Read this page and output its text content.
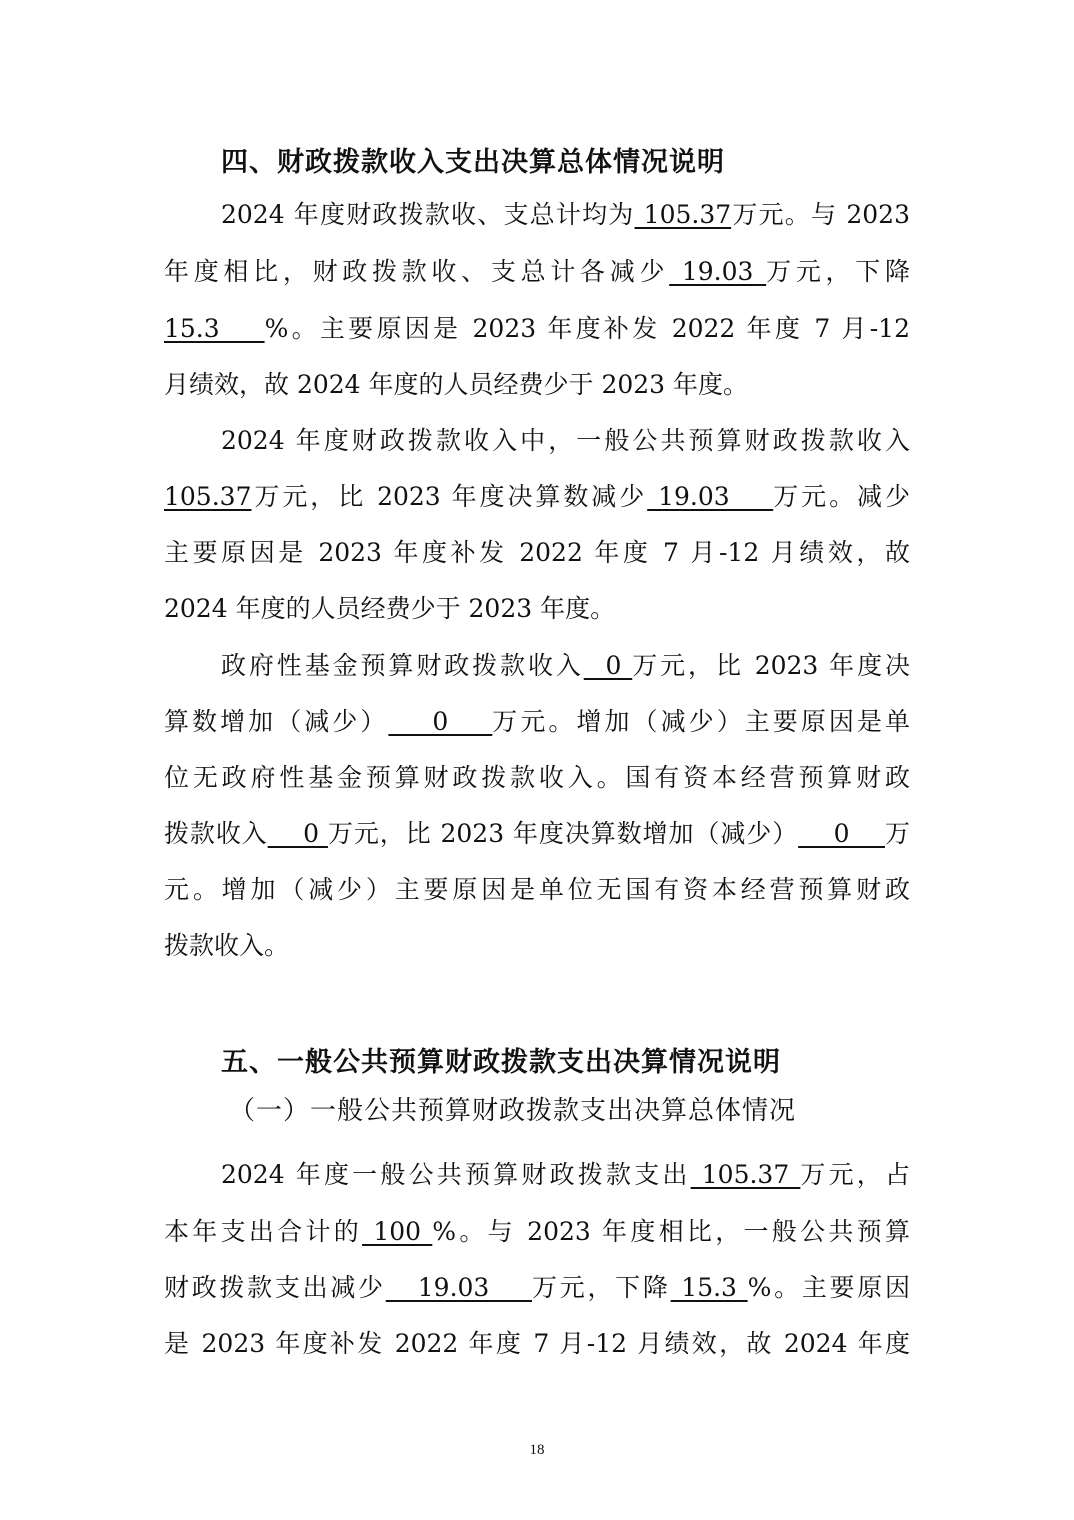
四、财政拨款收入支出决算总体情况说明
2024 年度财政拨款收、支总计均为 105.37万元。与 2023
年度相比，财政拨款收、支总计各减少 19.03 万元，下降
15.3    %。主要原因是 2023 年度补发 2022 年度 7 月-12
月绩效，故 2024 年度的人员经费少于 2023 年度。
2024 年度财政拨款收入中，一般公共预算财政拨款收入
105.37万元，比 2023 年度决算数减少 19.03    万元。减少
主要原因是 2023 年度补发 2022 年度 7 月-12 月绩效，故
2024 年度的人员经费少于 2023 年度。
政府性基金预算财政拨款收入  0 万元，比 2023 年度决
算数增加（减少）    0    万元。增加（减少）主要原因是单
位无政府性基金预算财政拨款收入。国有资本经营预算财政
拨款收入    0 万元，比 2023 年度决算数增加（减少）    0    万
元。增加（减少）主要原因是单位无国有资本经营预算财政
拨款收入。
五、一般公共预算财政拨款支出决算情况说明
（一）一般公共预算财政拨款支出决算总体情况
2024 年度一般公共预算财政拨款支出 105.37 万元，占
本年支出合计的 100 %。与 2023 年度相比，一般公共预算
财政拨款支出减少   19.03    万元，下降 15.3 %。主要原因
是 2023 年度补发 2022 年度 7 月-12 月绩效，故 2024 年度
18
